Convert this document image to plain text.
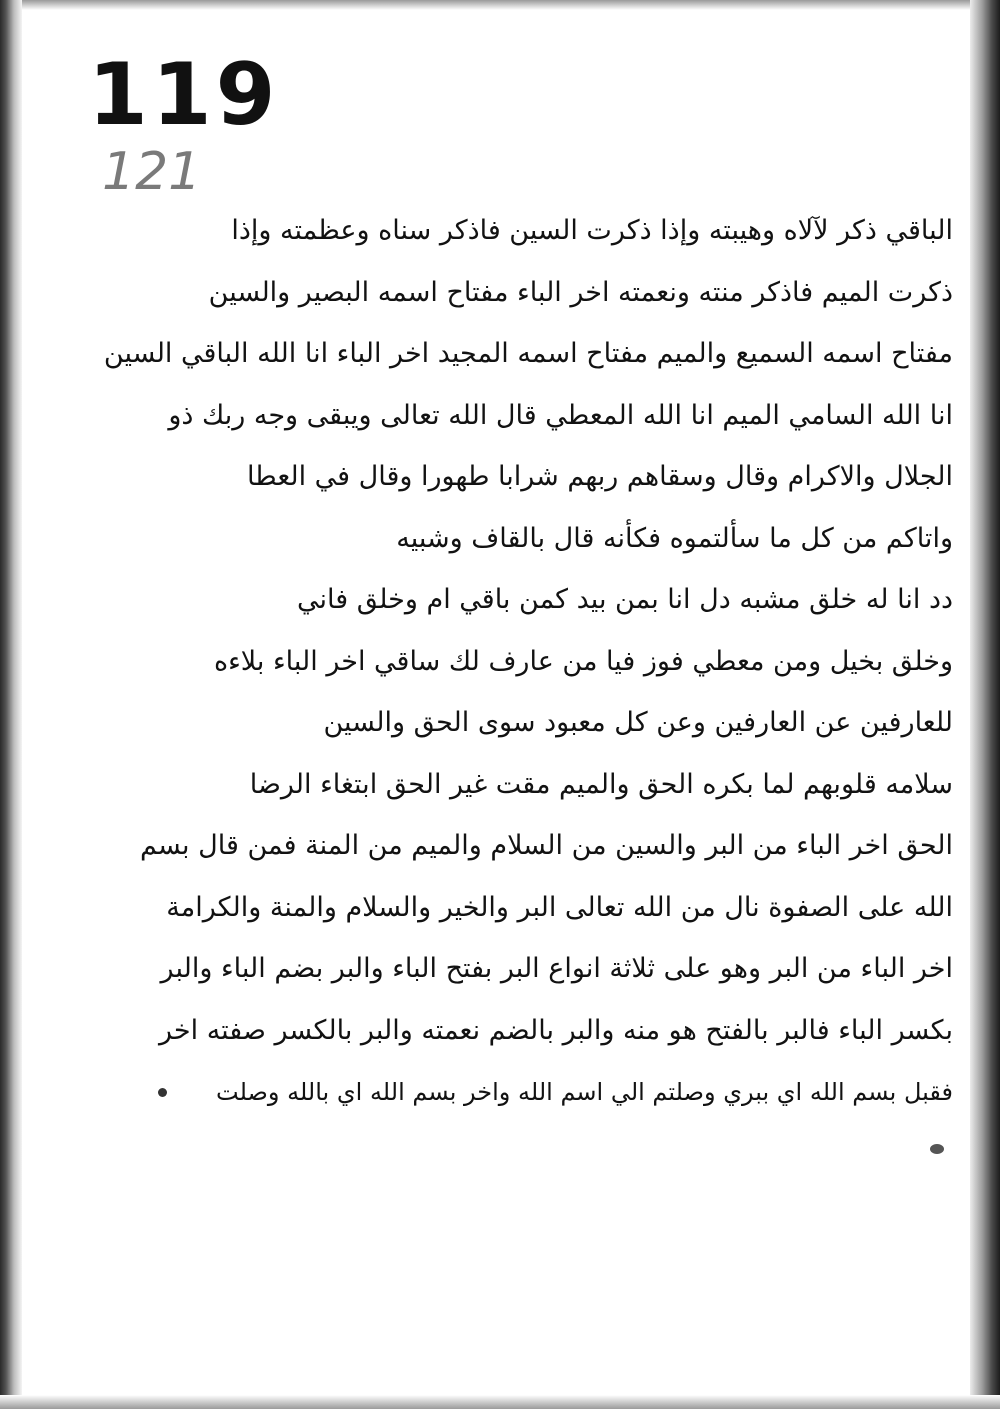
119
121
الباقي ذكر لآلاه وهيبته وإذا ذكرت السين فاذكر سناه وعظمته وإذا
ذكرت الميم فاذكر منته ونعمته اخر الباء مفتاح اسمه البصير والسين
مفتاح اسمه السميع والميم مفتاح اسمه المجيد اخر الباء انا الله الباقي السين
انا الله السامي الميم انا الله المعطي قال الله تعالى ويبقى وجه ربك ذو
الجلال والاكرام وقال وسقاهم ربهم شرابا طهورا وقال في العطا
واتاكم من كل ما سألتموه فكأنه قال بالقاف وشبيه
دد انا له خلق مشبه دل انا بمن بيد كمن باقي ام وخلق فاني
وخلق بخيل ومن معطي فوز فيا من عارف لك ساقي اخر الباء بلاءه
للعارفين عن العارفين وعن كل معبود سوى الحق والسين
سلامه قلوبهم لما بكره الحق والميم مقت غير الحق ابتغاء الرضا
الحق اخر الباء من البر والسين من السلام والميم من المنة فمن قال بسم
الله على الصفوة نال من الله تعالى البر والخير والسلام والمنة والكرامة
اخر الباء من البر وهو على ثلاثة انواع البر بفتح الباء والبر بضم الباء والبر
بكسر الباء فالبر بالفتح هو منه والبر بالضم نعمته والبر بالكسر صفته اخر
فقبل بسم الله اي ببري وصلتم الي اسم الله واخر بسم الله اي بالله وصلت
